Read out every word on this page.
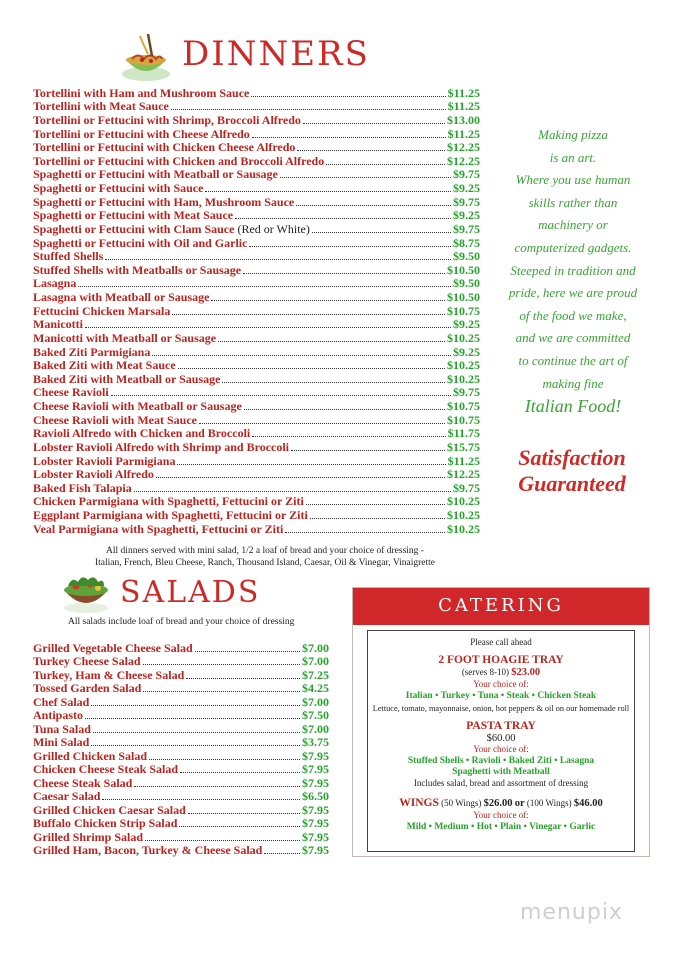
DINNERS
Tortellini with Ham and Mushroom Sauce	$11.25
Tortellini with Meat Sauce	$11.25
Tortellini or Fettucini with Shrimp, Broccoli Alfredo	$13.00
Tortellini or Fettucini with Cheese Alfredo	$11.25
Tortellini or Fettucini with Chicken Cheese Alfredo	$12.25
Tortellini or Fettucini with Chicken and Broccoli Alfredo	$12.25
Spaghetti or Fettucini with Meatball or Sausage	$9.75
Spaghetti or Fettucini with Sauce	$9.25
Spaghetti or Fettucini with Ham, Mushroom Sauce	$9.75
Spaghetti or Fettucini with Meat Sauce	$9.25
Spaghetti or Fettucini with Clam Sauce (Red or White)	$9.75
Spaghetti or Fettucini with Oil and Garlic	$8.75
Stuffed Shells	$9.50
Stuffed Shells with Meatballs or Sausage	$10.50
Lasagna	$9.50
Lasagna with Meatball or Sausage	$10.50
Fettucini Chicken Marsala	$10.75
Manicotti	$9.25
Manicotti with Meatball or Sausage	$10.25
Baked Ziti Parmigiana	$9.25
Baked Ziti with Meat Sauce	$10.25
Baked Ziti with Meatball or Sausage	$10.25
Cheese Ravioli	$9.75
Cheese Ravioli with Meatball or Sausage	$10.75
Cheese Ravioli with Meat Sauce	$10.75
Ravioli Alfredo with Chicken and Broccoli	$11.75
Lobster Ravioli Alfredo with Shrimp and Broccoli	$15.75
Lobster Ravioli Parmigiana	$11.25
Lobster Ravioli Alfredo	$12.25
Baked Fish Talapia	$9.75
Chicken Parmigiana with Spaghetti, Fettucini or Ziti	$10.25
Eggplant Parmigiana with Spaghetti, Fettucini or Ziti	$10.25
Veal Parmigiana with Spaghetti, Fettucini or Ziti	$10.25
All dinners served with mini salad, 1/2 a loaf of bread and your choice of dressing -
Italian, French, Bleu Cheese, Ranch, Thousand Island, Caesar, Oil & Vinegar, Vinaigrette
SALADS
All salads include loaf of bread and your choice of dressing
Grilled Vegetable Cheese Salad	$7.00
Turkey Cheese Salad	$7.00
Turkey, Ham & Cheese Salad	$7.25
Tossed Garden Salad	$4.25
Chef Salad	$7.00
Antipasto	$7.50
Tuna Salad	$7.00
Mini Salad	$3.75
Grilled Chicken Salad	$7.95
Chicken Cheese Steak Salad	$7.95
Cheese Steak Salad	$7.95
Caesar Salad	$6.50
Grilled Chicken Caesar Salad	$7.95
Buffalo Chicken Strip Salad	$7.95
Grilled Shrimp Salad	$7.95
Grilled Ham, Bacon, Turkey & Cheese Salad	$7.95
Making pizza
is an art.
Where you use human
skills rather than
machinery or
computerized gadgets.
Steeped in tradition and
pride, here we are proud
of the food we make,
and we are committed
to continue the art of
making fine
Italian Food!
Satisfaction
Guaranteed
CATERING
Please call ahead
2 FOOT HOAGIE TRAY
(serves 8-10) $23.00
Your choice of:
Italian • Turkey • Tuna • Steak • Chicken Steak
Lettuce, tomato, mayonnaise, onion, hot peppers & oil on our homemade roll
PASTA TRAY
$60.00
Your choice of:
Stuffed Shells • Ravioli • Baked Ziti • Lasagna
Spaghetti with Meatball
Includes salad, bread and assortment of dressing
WINGS (50 Wings) $26.00 or (100 Wings) $46.00
Your choice of:
Mild • Medium • Hot • Plain • Vinegar • Garlic
menupix
